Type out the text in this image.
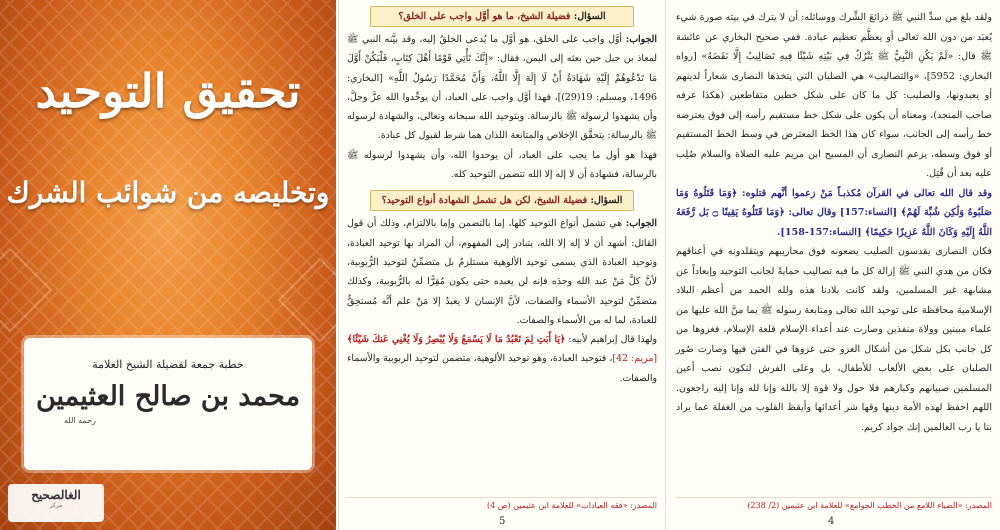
تحقيق التوحيد
وتخليصه من شوائب الشرك
خطبة جمعة لفضيلة الشيخ العلامة
محمد بن صالح العثيمين
رحمه الله
الغالصحيح
مركز
السؤال: فضيلة الشيخ، ما هو أوَّل واجب على الخلق؟
الجواب: أوَّل واجب على الخلق، هو أوَّل ما يُدعى الخلقُ إليه، وقد بيَّنه النبي ﷺ لمعاذ بن جبل حين بعثه إلى اليمن، فقال: «إِنَّكَ تَأْتِي قَوْمًا أَهْلَ كِتَابٍ، فَلْيَكُنْ أَوَّلَ مَا تَدْعُوهُمْ إِلَيْهِ شَهَادَةُ أَنْ لَا إِلَهَ إِلَّا اللَّهُ، وَأَنَّ مُحَمَّدًا رَسُولُ اللَّهِ» [البخاري: 1496، ومسلم: 19(29)]، فهذا أوَّل واجب على العباد، أن يوحِّدوا الله عزَّ وجلَّ، وأن يشهدوا لرسوله ﷺ بالرسالة. وبتوحيد الله سبحانه وتعالى، والشهادة لرسوله ﷺ بالرسالة: يتحقَّق الإخلاص والمتابعة اللذان هما شرط لقبول كل عبادة.
فهذا هو أول ما يجب على العباد، أن يوحدوا الله، وأن يشهدوا لرسوله ﷺ بالرسالة، فشهادة أن لا إله إلا الله تتضمن التوحيد كله.
السؤال: فضيلة الشيخ، لكن هل تشمل الشهادة أنواع التوحيد؟
الجواب: هي تشمل أنواع التوحيد كلها، إما بالتضمن وإما بالالتزام، وذلك أن قول القائل: أشهد أن لا إله إلا الله، يتبادر إلى المفهوم، أن المراد بها توحيد العبادة، وتوحيد العبادة الذي يسمى توحيد الألوهية مستلزمٌ بل متضمِّنٌ لتوحيد الرُّبوبية، لأنَّ كلَّ مَنْ عبد الله وحدَه فإنه لن يعبده حتى يكون مُقِرًّا له بالرُّبوبية، وكذلك متضمِّنٌ لتوحيد الأسماء والصفات، لأنَّ الإنسان لا يعبدُ إلا مَنْ علم أنَّه مُستحِقٌّ للعبادة، لما له من الأسماء والصفات.
ولهذا قال إبراهيم لأبيه: ﴿يَا أَبَتِ لِمَ تَعْبُدُ مَا لَا يَسْمَعُ وَلَا يُبْصِرُ وَلَا يُغْنِي عَنكَ شَيْئًا﴾ [مريم: 42]، فتوحيد العبادة، وهو توحيد الألوهية، متضمن لتوحيد الربوبية والأسماء والصفات.
المصدر: «فقه العبادات» للعلامة ابن عثيمين (ص 4)
5
ولقد بلغ من سدِّ النبي ﷺ ذرائعَ الشِّرك ووسائله: أن لا يترك في بيته صورة شيء يُعبَد من دون الله تعالى أو يعظَّم تعظيم عبادة. ففي صحيح البخاري عن عائشة ﷺ قال: «لَمْ يَكُنِ النَّبِيُّ ﷺ يَتْرُكُ فِي بَيْتِهِ شَيْئًا فِيهِ تَصَالِيبُ إِلَّا نَقَضَهُ» [رواه البخاري: 5952]، «والتصاليب» هي الصلبان التي يتخذها النصارى شعاراً لدينهم أو يعبدونها، والصليب: كل ما كان على شكل خطين متقاطعين (هكذا عرفه صاحب المنجد)، ومعناه أن يكون على شكل خط مستقيم رأسه إلى فوق يعترضه خط رأسه إلى الجانب، سواء كان هذا الخط المعترض في وسط الخط المستقيم أو فوق وسطه، يزعم النصارى أن المسيح ابن مريم عليه الصلاة والسلام صُلِب عليه بعد أن قُتِل.
وقد قال الله تعالى في القرآن مُكذبـاً مَنْ زعموا أنَّهم قتلوه: ﴿وَمَا قَتَلُوهُ وَمَا صَلَبُوهُ وَلَٰكِن شُبِّهَ لَهُمْ﴾ [النساء:157] وقال تعالى: ﴿وَمَا قَتَلُوهُ يَقِينًا ۝ بَل رَّفَعَهُ اللَّهُ إِلَيْهِ وَكَانَ اللَّهُ عَزِيزًا حَكِيمًا﴾ [النساء:157-158].
فكان النصارى يقدسون الصليب يضعونه فوق محاريبهم ويتقلدونه في أعناقهم فكان من هدي النبي ﷺ إزالة كل ما فيه تصاليب حمايةً لجانب التوحيد وإبعاداً عن مشابهة غير المسلمين، ولقد كانت بلادنا هذه ولله الحمد من أعظم البلاد الإسلامية محافظة على توحيد الله تعالى ومتابعة رسوله ﷺ بما منَّ الله عليها من علماء مبينين وولاة منفذين وصارت عند أعداء الإسلام قلعة الإسلام، فغزوها من كل جانب بكل شكل من أشكال الغزو حتى غزوها في الفتن فيها وصارت صُور الصلبان على بعض الألعاب للأطفال، بل وعلى الفرش لتكون نصب أعين المسلمين صبيانهم وكبارهم فلا حول ولا قوة إلا بالله وإنا لله وإنا إليه راجعون. اللهم احفظ لهذه الأمة دينها وقها شر أعدائها وأيقظ القلوب من الغفلة عما يراد بنا يا رب العالمين إنك جواد كريم.
المصدر: «الضياء اللامع من الخطب الجوامع» للعلامة ابن عثيمين (2/ 238)
4
